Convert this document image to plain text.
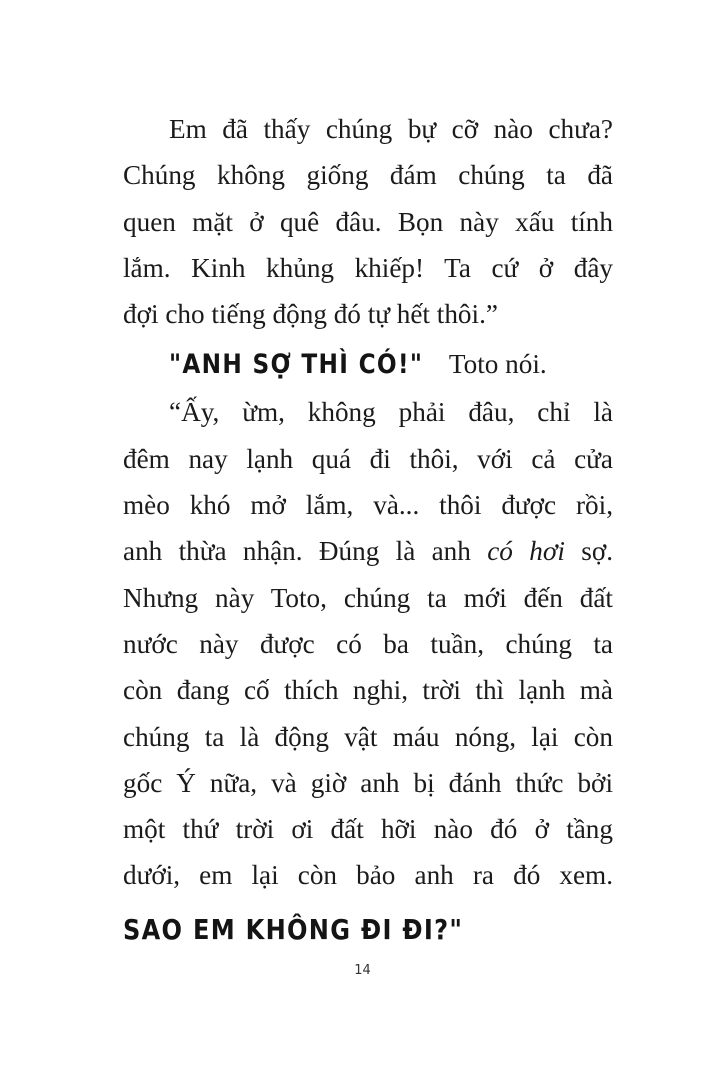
Em đã thấy chúng bự cỡ nào chưa?
Chúng không giống đám chúng ta đã
quen mặt ở quê đâu. Bọn này xấu tính
lắm. Kinh khủng khiếp! Ta cứ ở đây
đợi cho tiếng động đó tự hết thôi.”
"ANH SỢ THÌ CÓ!" Toto nói.
“Ấy, ừm, không phải đâu, chỉ là
đêm nay lạnh quá đi thôi, với cả cửa
mèo khó mở lắm, và... thôi được rồi,
anh thừa nhận. Đúng là anh có hơi sợ.
Nhưng này Toto, chúng ta mới đến đất
nước này được có ba tuần, chúng ta
còn đang cố thích nghi, trời thì lạnh mà
chúng ta là động vật máu nóng, lại còn
gốc Ý nữa, và giờ anh bị đánh thức bởi
một thứ trời ơi đất hỡi nào đó ở tầng
dưới, em lại còn bảo anh ra đó xem.
SAO EM KHÔNG ĐI ĐI?"
14
